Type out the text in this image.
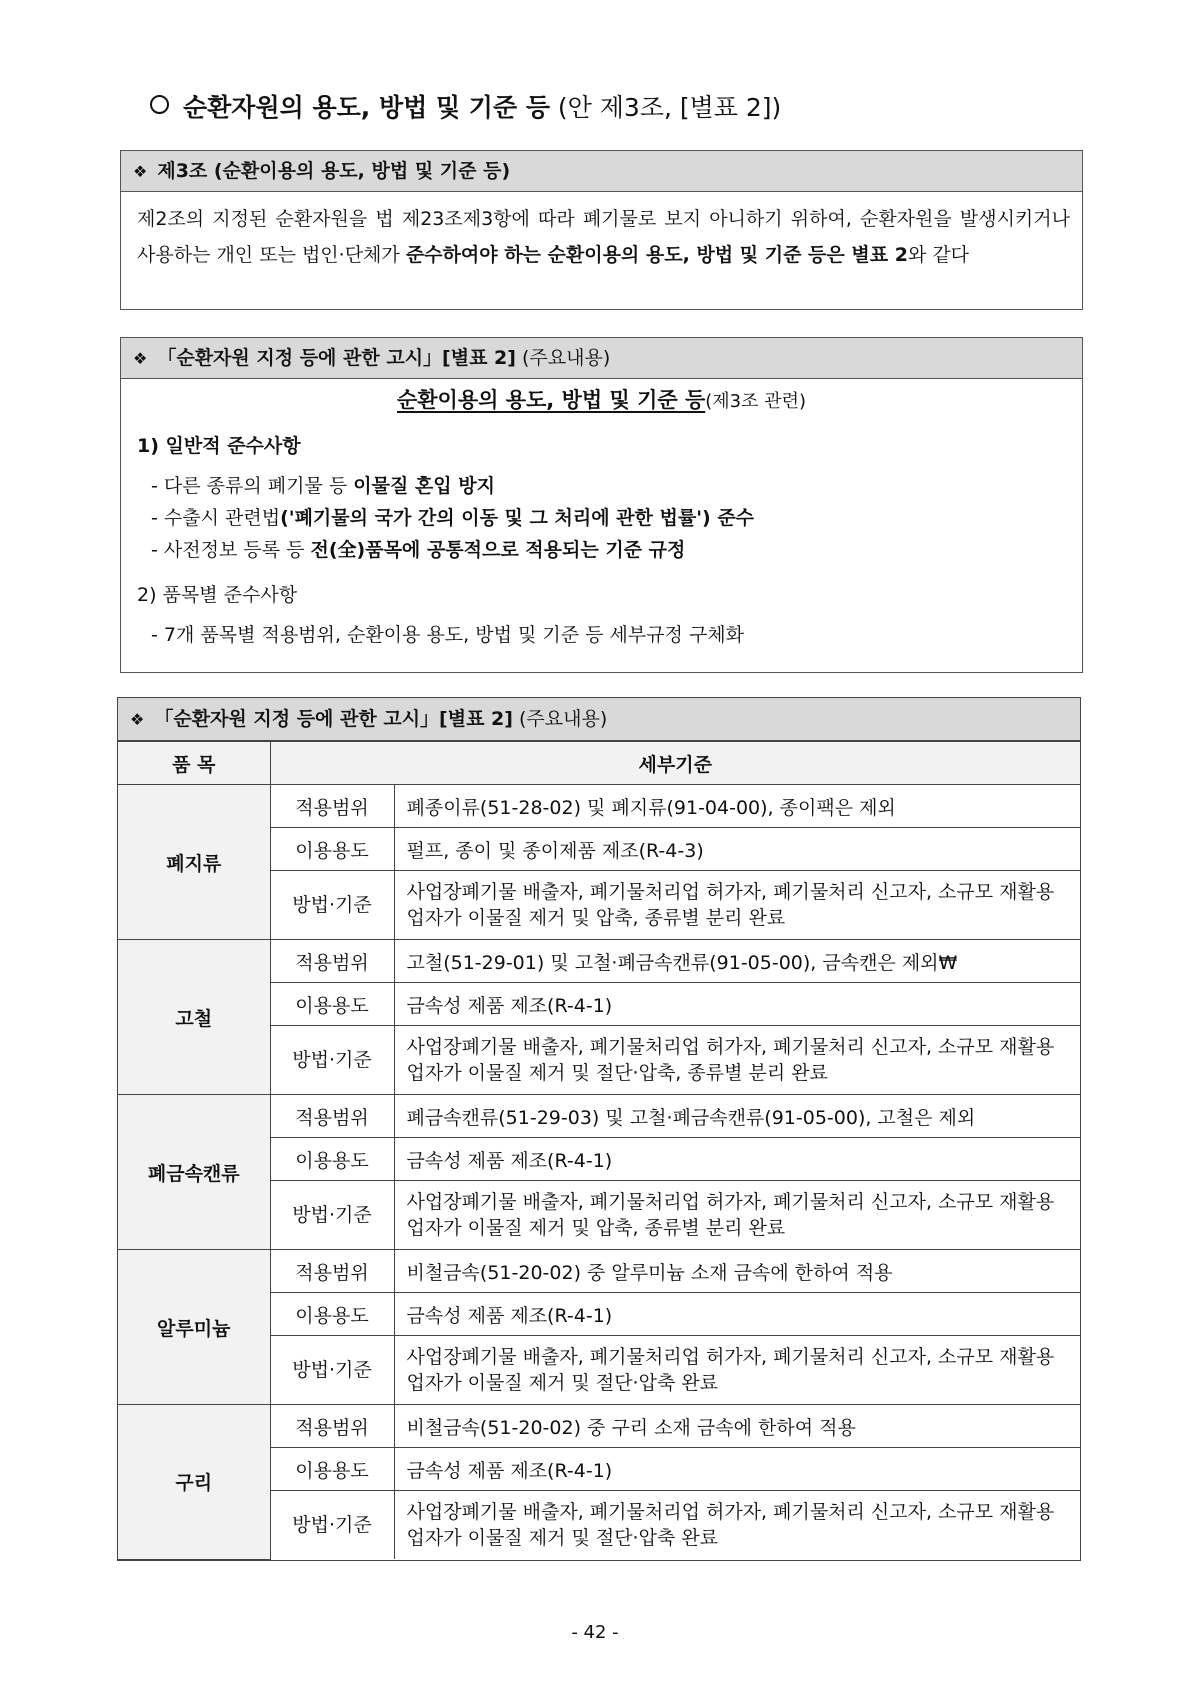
순환자원의 용도, 방법 및 기준 등 (안 제3조, [별표 2])
❖ 제3조 (순환이용의 용도, 방법 및 기준 등)
제2조의 지정된 순환자원을 법 제23조제3항에 따라 폐기물로 보지 아니하기 위하여, 순환자원을 발생시키거나 사용하는 개인 또는 법인·단체가 준수하여야 하는 순환이용의 용도, 방법 및 기준 등은 별표 2와 같다
❖ 「순환자원 지정 등에 관한 고시」[별표 2] (주요내용)
순환이용의 용도, 방법 및 기준 등(제3조 관련)
1) 일반적 준수사항
- 다른 종류의 폐기물 등 이물질 혼입 방지
- 수출시 관련법('폐기물의 국가 간의 이동 및 그 처리에 관한 법률') 준수
- 사전정보 등록 등 전(全)품목에 공통적으로 적용되는 기준 규정
2) 품목별 준수사항
- 7개 품목별 적용범위, 순환이용 용도, 방법 및 기준 등 세부규정 구체화
❖ 「순환자원 지정 등에 관한 고시」[별표 2] (주요내용)
품 목	세부기준	
폐지류	적용범위	폐종이류(51-28-02) 및 폐지류(91-04-00), 종이팩은 제외
	이용용도	펄프, 종이 및 종이제품 제조(R-4-3)
	방법·기준	사업장폐기물 배출자, 폐기물처리업 허가자, 폐기물처리 신고자, 소규모 재활용업자가 이물질 제거 및 압축, 종류별 분리 완료
고철	적용범위	고철(51-29-01) 및 고철·폐금속캔류(91-05-00), 금속캔은 제외₩
	이용용도	금속성 제품 제조(R-4-1)
	방법·기준	사업장폐기물 배출자, 폐기물처리업 허가자, 폐기물처리 신고자, 소규모 재활용업자가 이물질 제거 및 절단·압축, 종류별 분리 완료
폐금속캔류	적용범위	폐금속캔류(51-29-03) 및 고철·폐금속캔류(91-05-00), 고철은 제외
	이용용도	금속성 제품 제조(R-4-1)
	방법·기준	사업장폐기물 배출자, 폐기물처리업 허가자, 폐기물처리 신고자, 소규모 재활용업자가 이물질 제거 및 압축, 종류별 분리 완료
알루미늄	적용범위	비철금속(51-20-02) 중 알루미늄 소재 금속에 한하여 적용
	이용용도	금속성 제품 제조(R-4-1)
	방법·기준	사업장폐기물 배출자, 폐기물처리업 허가자, 폐기물처리 신고자, 소규모 재활용업자가 이물질 제거 및 절단·압축 완료
구리	적용범위	비철금속(51-20-02) 중 구리 소재 금속에 한하여 적용
	이용용도	금속성 제품 제조(R-4-1)
	방법·기준	사업장폐기물 배출자, 폐기물처리업 허가자, 폐기물처리 신고자, 소규모 재활용업자가 이물질 제거 및 절단·압축 완료
- 42 -
